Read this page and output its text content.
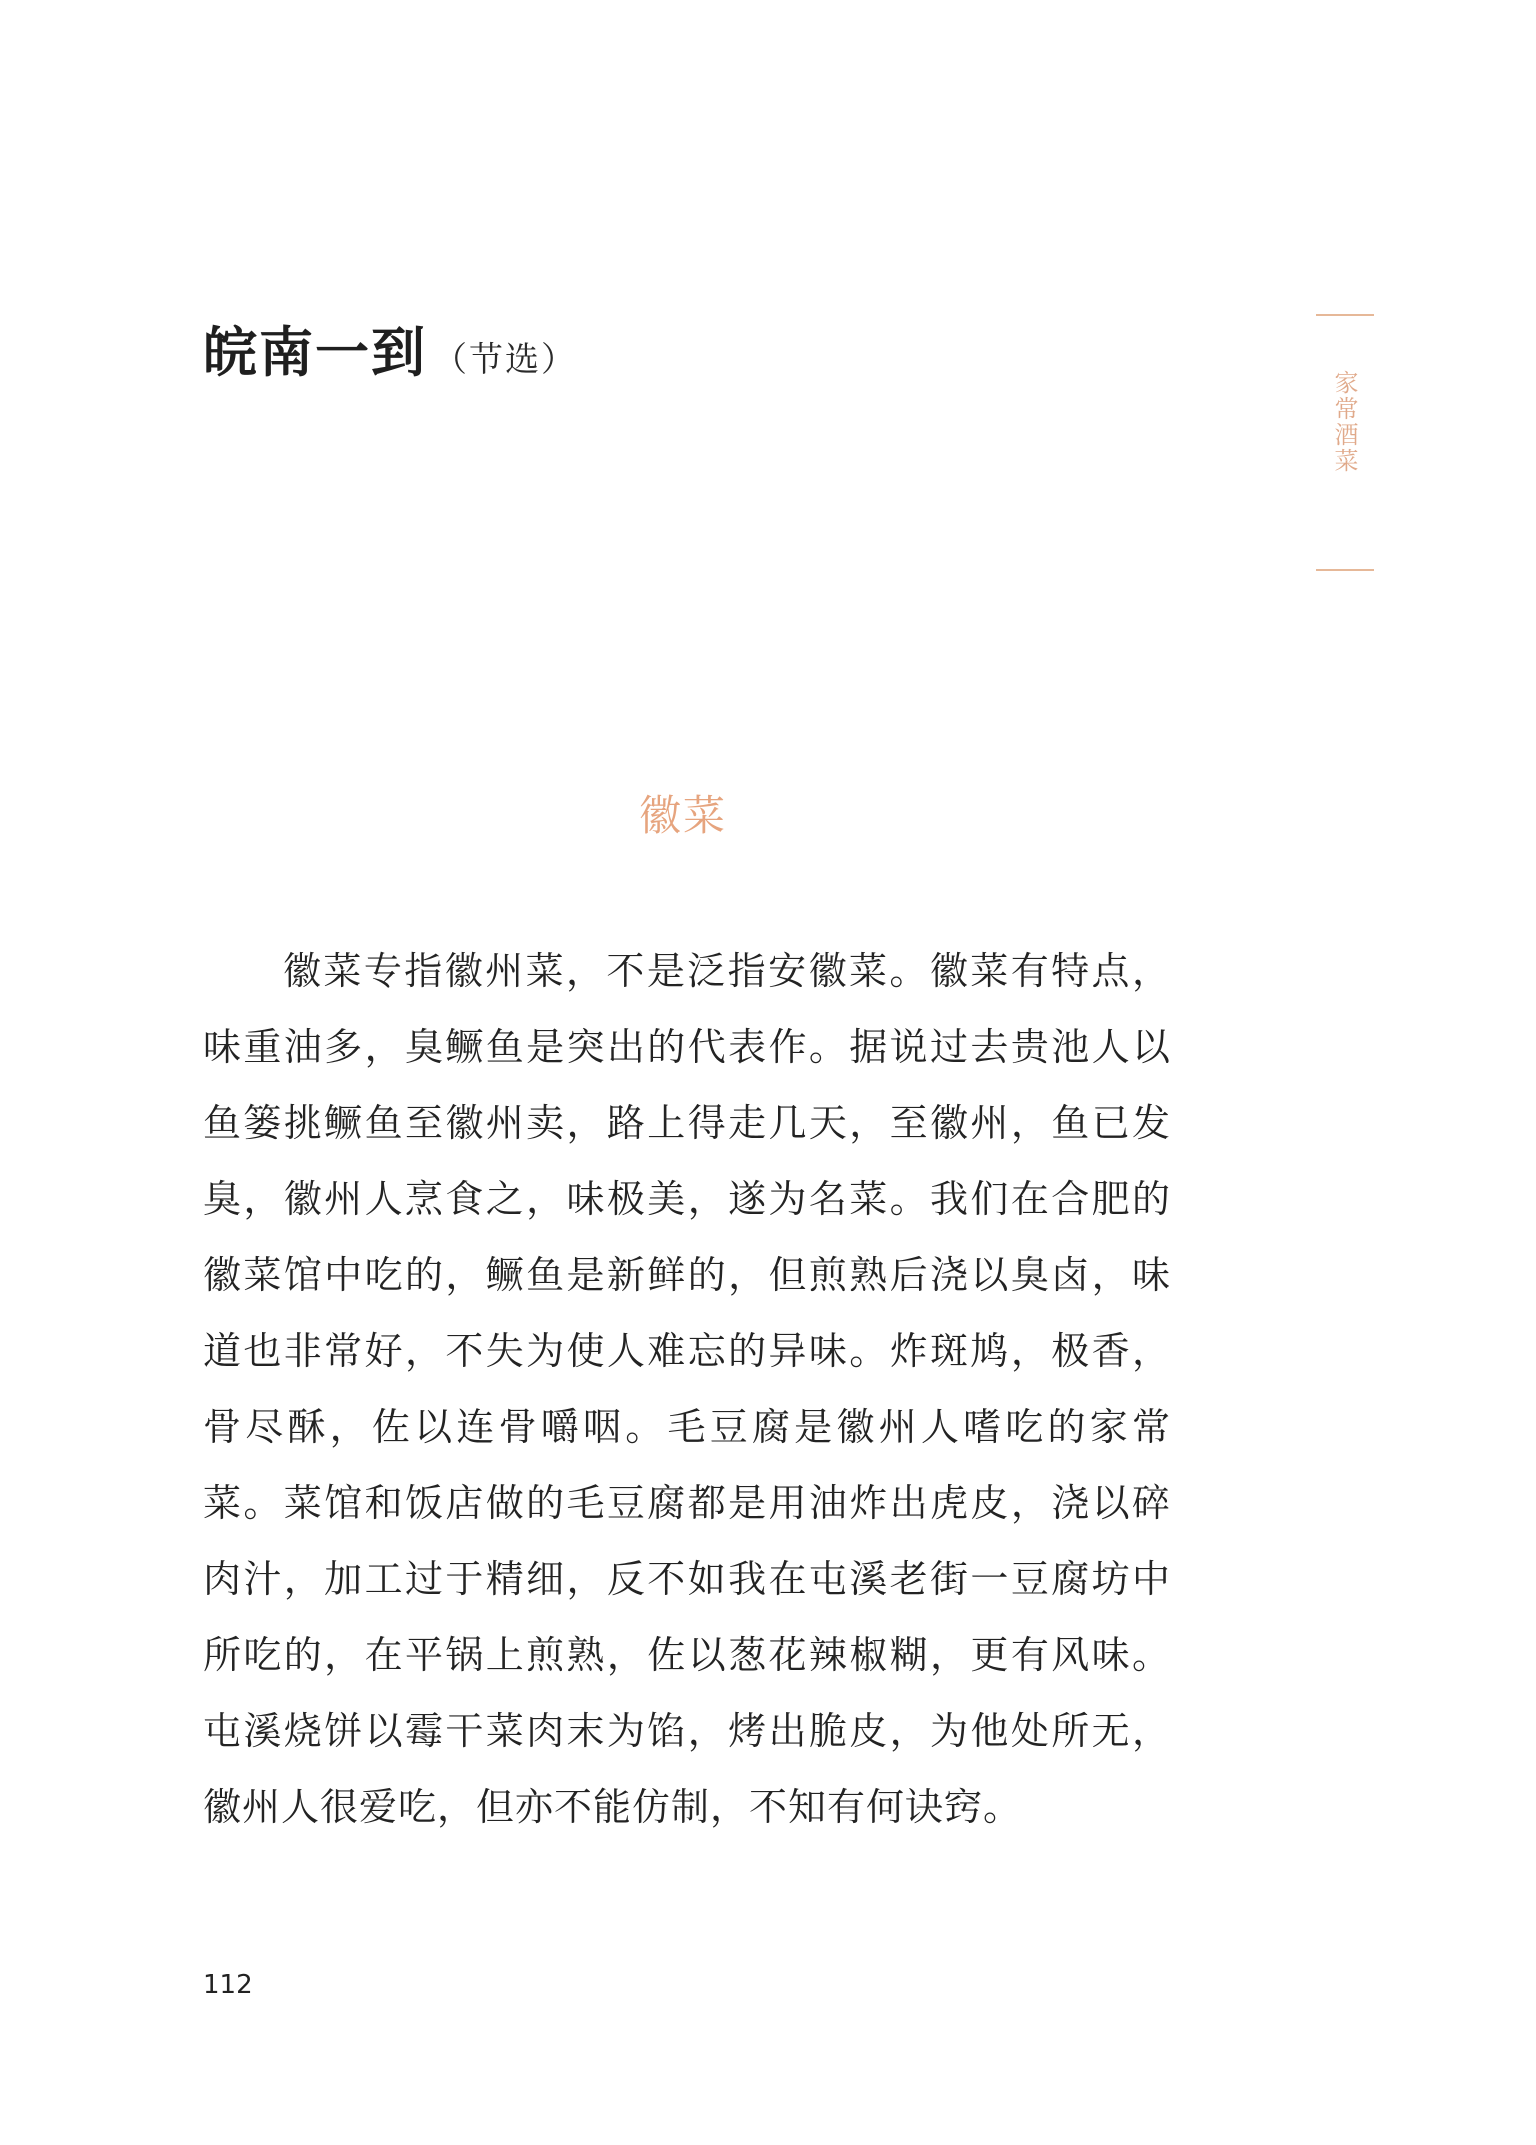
皖南一到 （节选）
家常酒菜
徽菜

徽菜专指徽州菜，不是泛指安徽菜。徽菜有特点，味重油多，臭鳜鱼是突出的代表作。据说过去贵池人以鱼篓挑鳜鱼至徽州卖，路上得走几天，至徽州，鱼已发臭，徽州人烹食之，味极美，遂为名菜。我们在合肥的徽菜馆中吃的，鳜鱼是新鲜的，但煎熟后浇以臭卤，味道也非常好，不失为使人难忘的异味。炸斑鸠，极香，骨尽酥，佐以连骨嚼咽。毛豆腐是徽州人嗜吃的家常菜。菜馆和饭店做的毛豆腐都是用油炸出虎皮，浇以碎肉汁，加工过于精细，反不如我在屯溪老街一豆腐坊中所吃的，在平锅上煎熟，佐以葱花辣椒糊，更有风味。屯溪烧饼以霉干菜肉末为馅，烤出脆皮，为他处所无，徽州人很爱吃，但亦不能仿制，不知有何诀窍。

112
